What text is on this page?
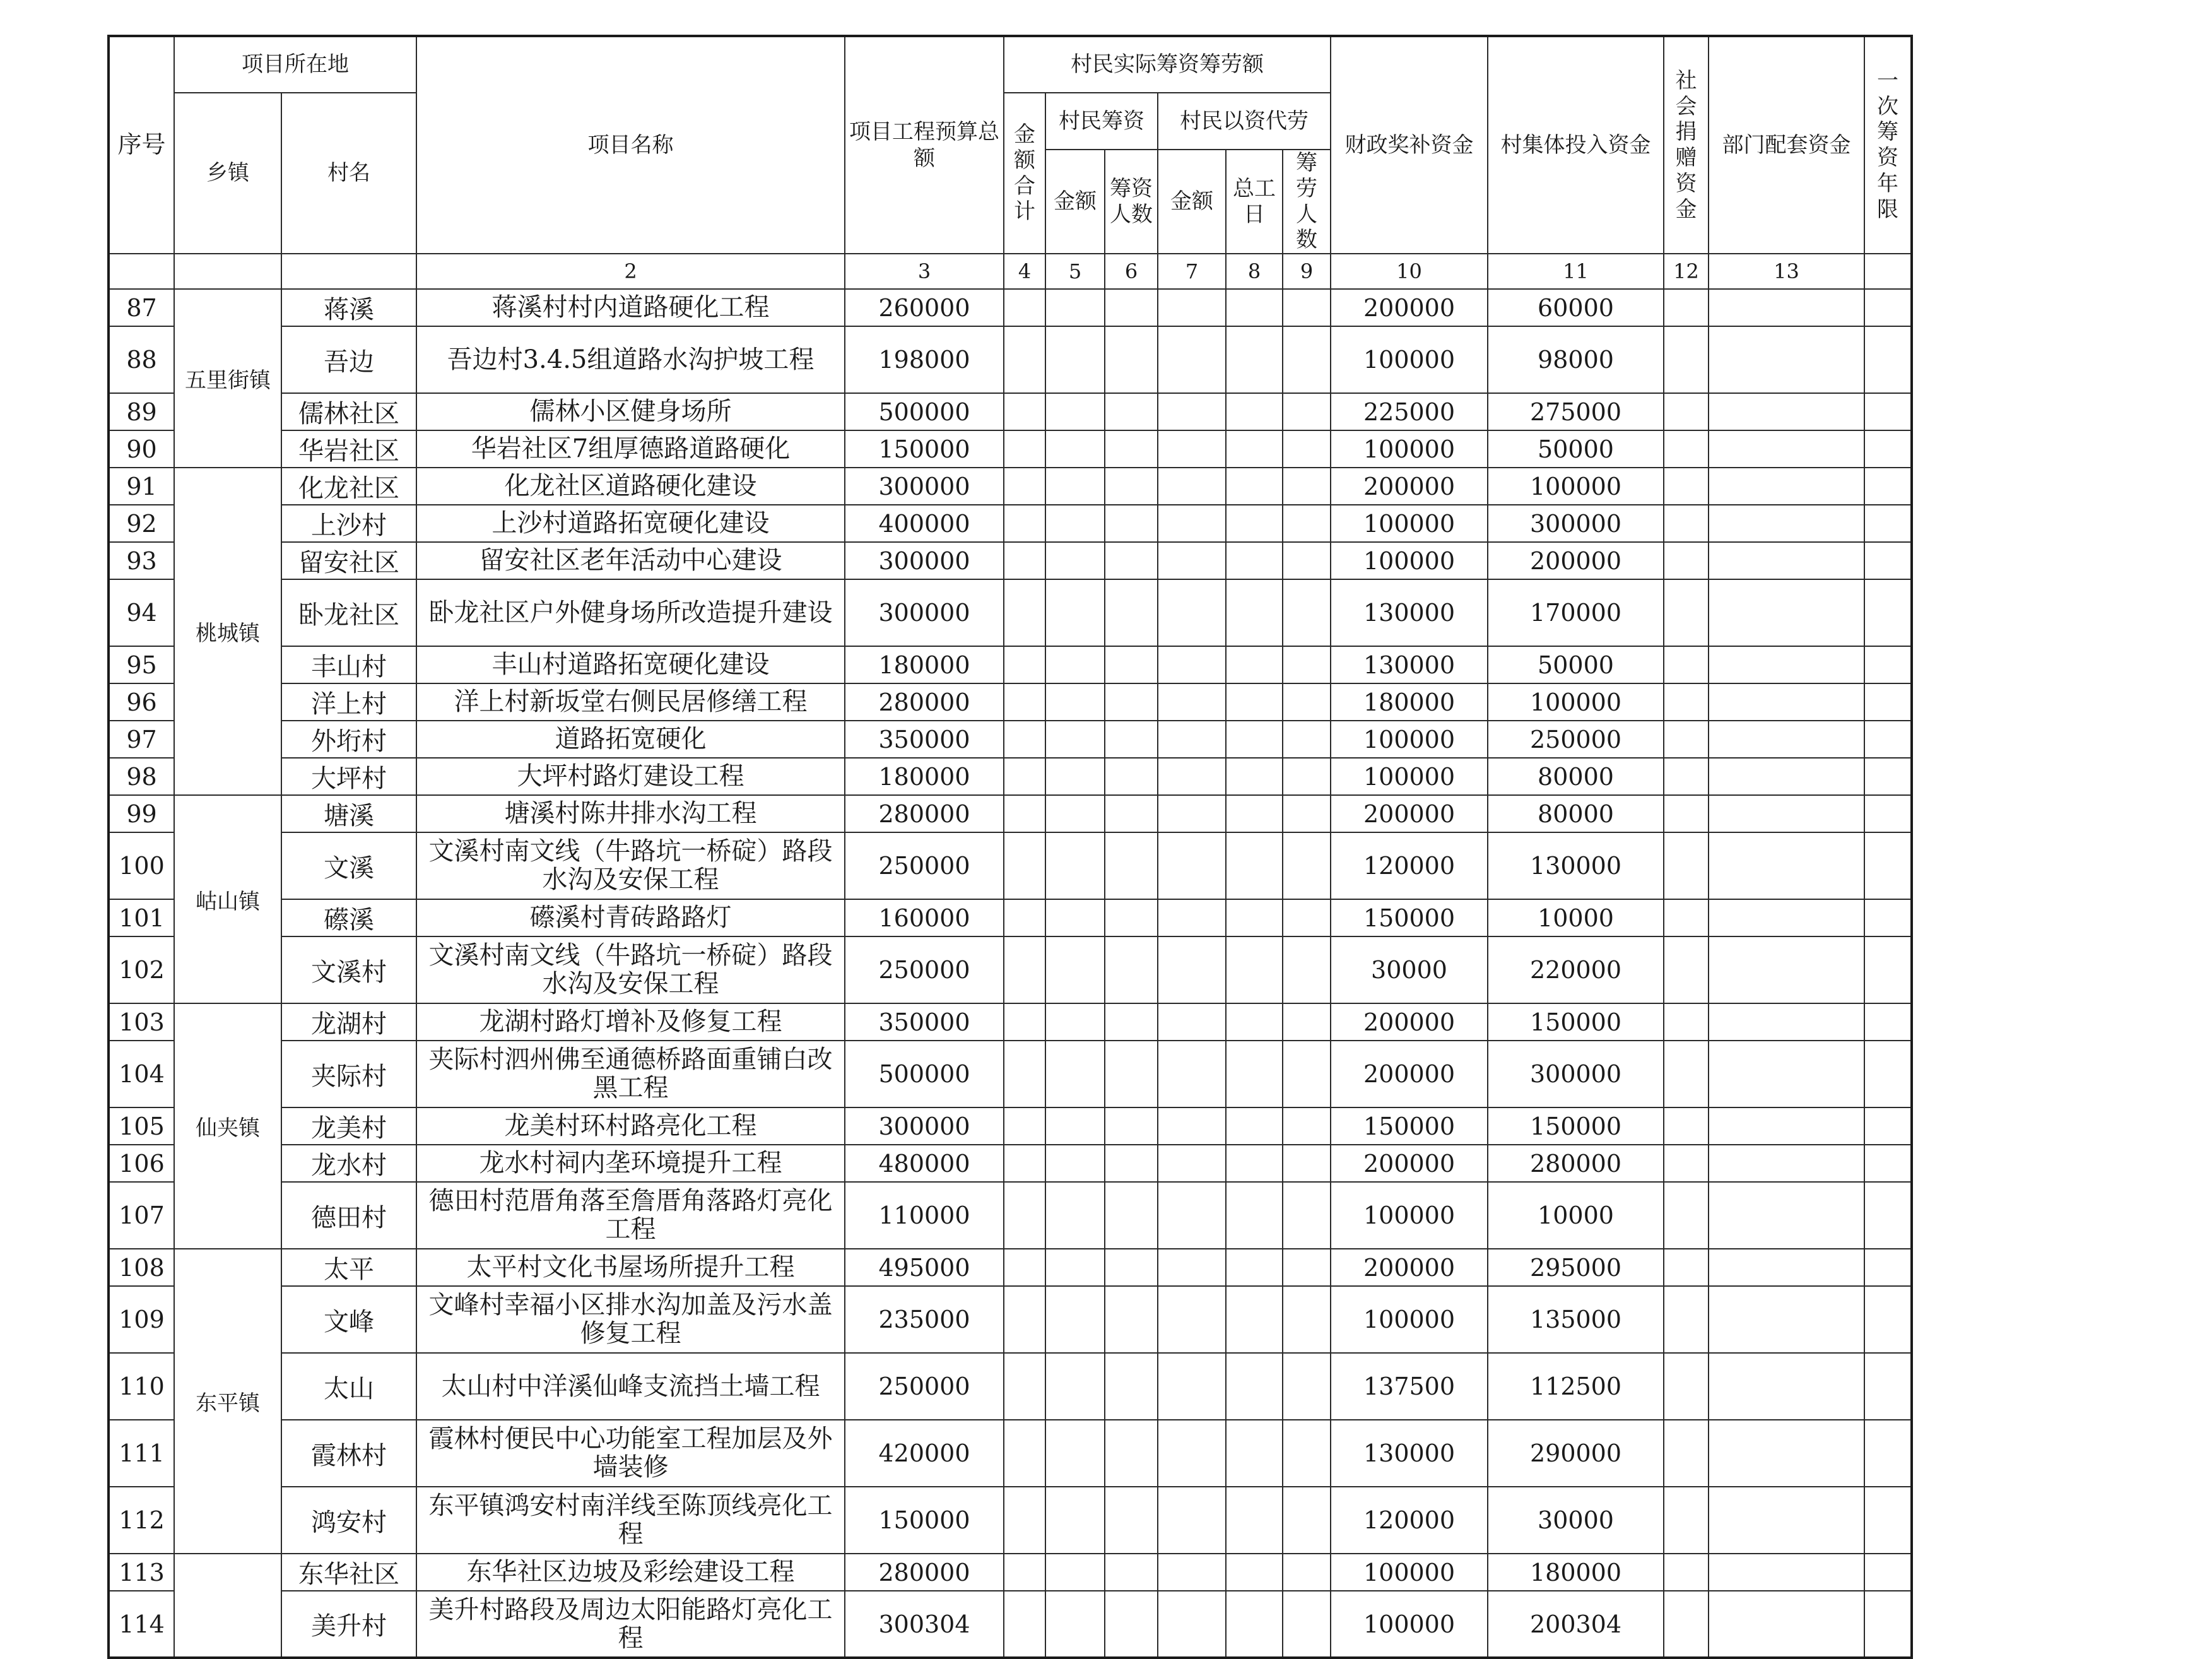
序号	项目所在地		项目名称	项目工程预算总额	村民实际筹资筹劳额						财政奖补资金	村集体投入资金	社会捐赠资金	部门配套资金	一次筹资年限
	乡镇	村名			金额合计	村民筹资		村民以资代劳							
						金额	筹资人数	金额	总工日	筹劳人数					
			2	3	4	5	6	7	8	9	10	11	12	13	
87	五里街镇	蒋溪	蒋溪村村内道路硬化工程	260000							200000	60000			
88		吾边	吾边村3.4.5组道路水沟护坡工程	198000							100000	98000			
89		儒林社区	儒林小区健身场所	500000							225000	275000			
90		华岩社区	华岩社区7组厚德路道路硬化	150000							100000	50000			
91	桃城镇	化龙社区	化龙社区道路硬化建设	300000							200000	100000			
92		上沙村	上沙村道路拓宽硬化建设	400000							100000	300000			
93		留安社区	留安社区老年活动中心建设	300000							100000	200000			
94		卧龙社区	卧龙社区户外健身场所改造提升建设	300000							130000	170000			
95		丰山村	丰山村道路拓宽硬化建设	180000							130000	50000			
96		洋上村	洋上村新坂堂右侧民居修缮工程	280000							180000	100000			
97		外垳村	道路拓宽硬化	350000							100000	250000			
98		大坪村	大坪村路灯建设工程	180000							100000	80000			
99	岵山镇	塘溪	塘溪村陈井排水沟工程	280000							200000	80000			
100		文溪	文溪村南文线（牛路坑一桥碇）路段水沟及安保工程	250000							120000	130000			
101		礤溪	礤溪村青砖路路灯	160000							150000	10000			
102		文溪村	文溪村南文线（牛路坑一桥碇）路段水沟及安保工程	250000							30000	220000			
103	仙夹镇	龙湖村	龙湖村路灯增补及修复工程	350000							200000	150000			
104		夹际村	夹际村泗州佛至通德桥路面重铺白改黑工程	500000							200000	300000			
105		龙美村	龙美村环村路亮化工程	300000							150000	150000			
106		龙水村	龙水村祠内垄环境提升工程	480000							200000	280000			
107		德田村	德田村范厝角落至詹厝角落路灯亮化工程	110000							100000	10000			
108	东平镇	太平	太平村文化书屋场所提升工程	495000							200000	295000			
109		文峰	文峰村幸福小区排水沟加盖及污水盖修复工程	235000							100000	135000			
110		太山	太山村中洋溪仙峰支流挡土墙工程	250000							137500	112500			
111		霞林村	霞林村便民中心功能室工程加层及外墙装修	420000							130000	290000			
112		鸿安村	东平镇鸿安村南洋线至陈顶线亮化工程	150000							120000	30000			
113		东华社区	东华社区边坡及彩绘建设工程	280000							100000	180000			
114		美升村	美升村路段及周边太阳能路灯亮化工程	300304							100000	200304			
